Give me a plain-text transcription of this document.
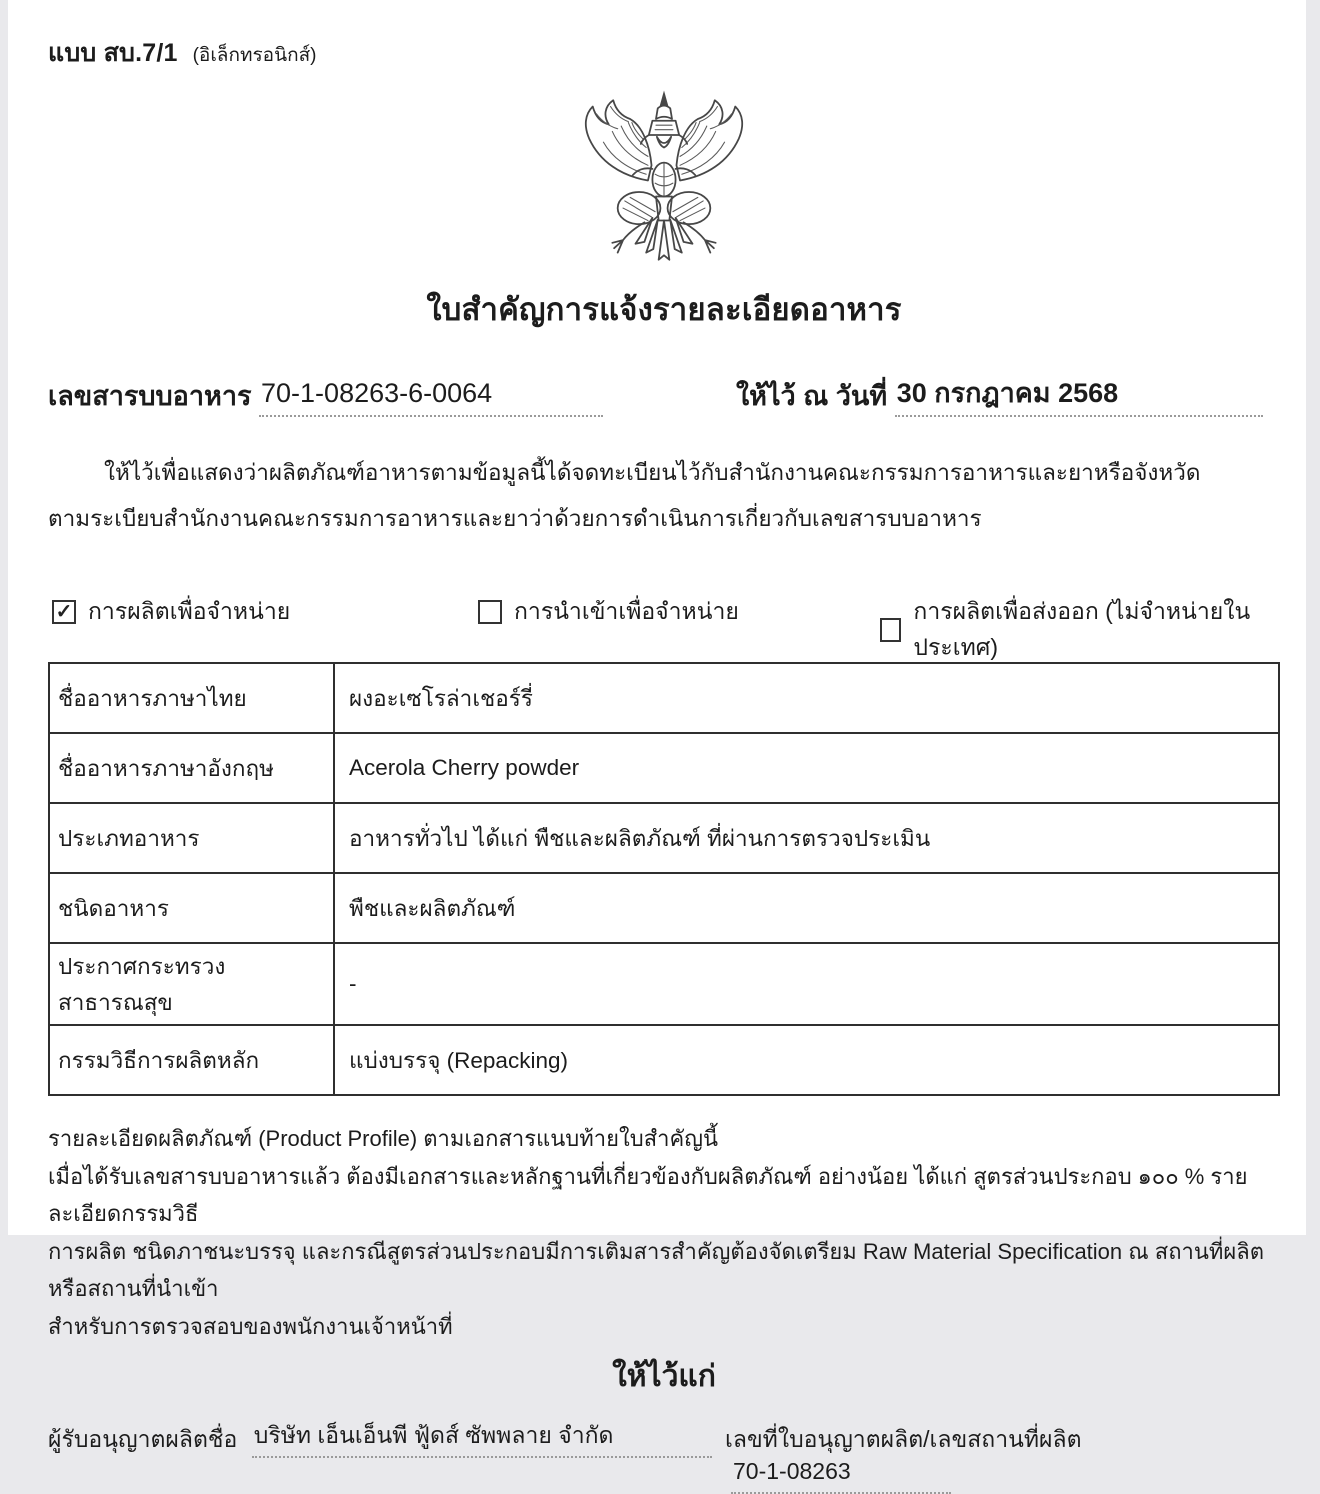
แบบ สบ.7/1 (อิเล็กทรอนิกส์)
ใบสำคัญการแจ้งรายละเอียดอาหาร
เลขสารบบอาหาร 70-1-08263-6-0064	ให้ไว้ ณ วันที่ 30 กรกฎาคม 2568
ให้ไว้เพื่อแสดงว่าผลิตภัณฑ์อาหารตามข้อมูลนี้ได้จดทะเบียนไว้กับสำนักงานคณะกรรมการอาหารและยาหรือจังหวัด
ตามระเบียบสำนักงานคณะกรรมการอาหารและยาว่าด้วยการดำเนินการเกี่ยวกับเลขสารบบอาหาร
✓ การผลิตเพื่อจำหน่าย	การนำเข้าเพื่อจำหน่าย	การผลิตเพื่อส่งออก (ไม่จำหน่ายในประเทศ)
ชื่ออาหารภาษาไทย	ผงอะเซโรล่าเชอร์รี่
ชื่ออาหารภาษาอังกฤษ	Acerola Cherry powder
ประเภทอาหาร	อาหารทั่วไป ได้แก่ พืชและผลิตภัณฑ์ ที่ผ่านการตรวจประเมิน
ชนิดอาหาร	พืชและผลิตภัณฑ์
ประกาศกระทรวงสาธารณสุข	-
กรรมวิธีการผลิตหลัก	แบ่งบรรจุ (Repacking)
รายละเอียดผลิตภัณฑ์ (Product Profile) ตามเอกสารแนบท้ายใบสำคัญนี้
เมื่อได้รับเลขสารบบอาหารแล้ว ต้องมีเอกสารและหลักฐานที่เกี่ยวข้องกับผลิตภัณฑ์ อย่างน้อย ได้แก่ สูตรส่วนประกอบ ๑๐๐ % รายละเอียดกรรมวิธี
การผลิต ชนิดภาชนะบรรจุ และกรณีสูตรส่วนประกอบมีการเติมสารสำคัญต้องจัดเตรียม Raw Material Specification ณ สถานที่ผลิตหรือสถานที่นำเข้า
สำหรับการตรวจสอบของพนักงานเจ้าหน้าที่
ให้ไว้แก่
ผู้รับอนุญาตผลิตชื่อ บริษัท เอ็นเอ็นพี ฟู้ดส์ ซัพพลาย จำกัด	เลขที่ใบอนุญาตผลิต/เลขสถานที่ผลิต 70-1-08263
